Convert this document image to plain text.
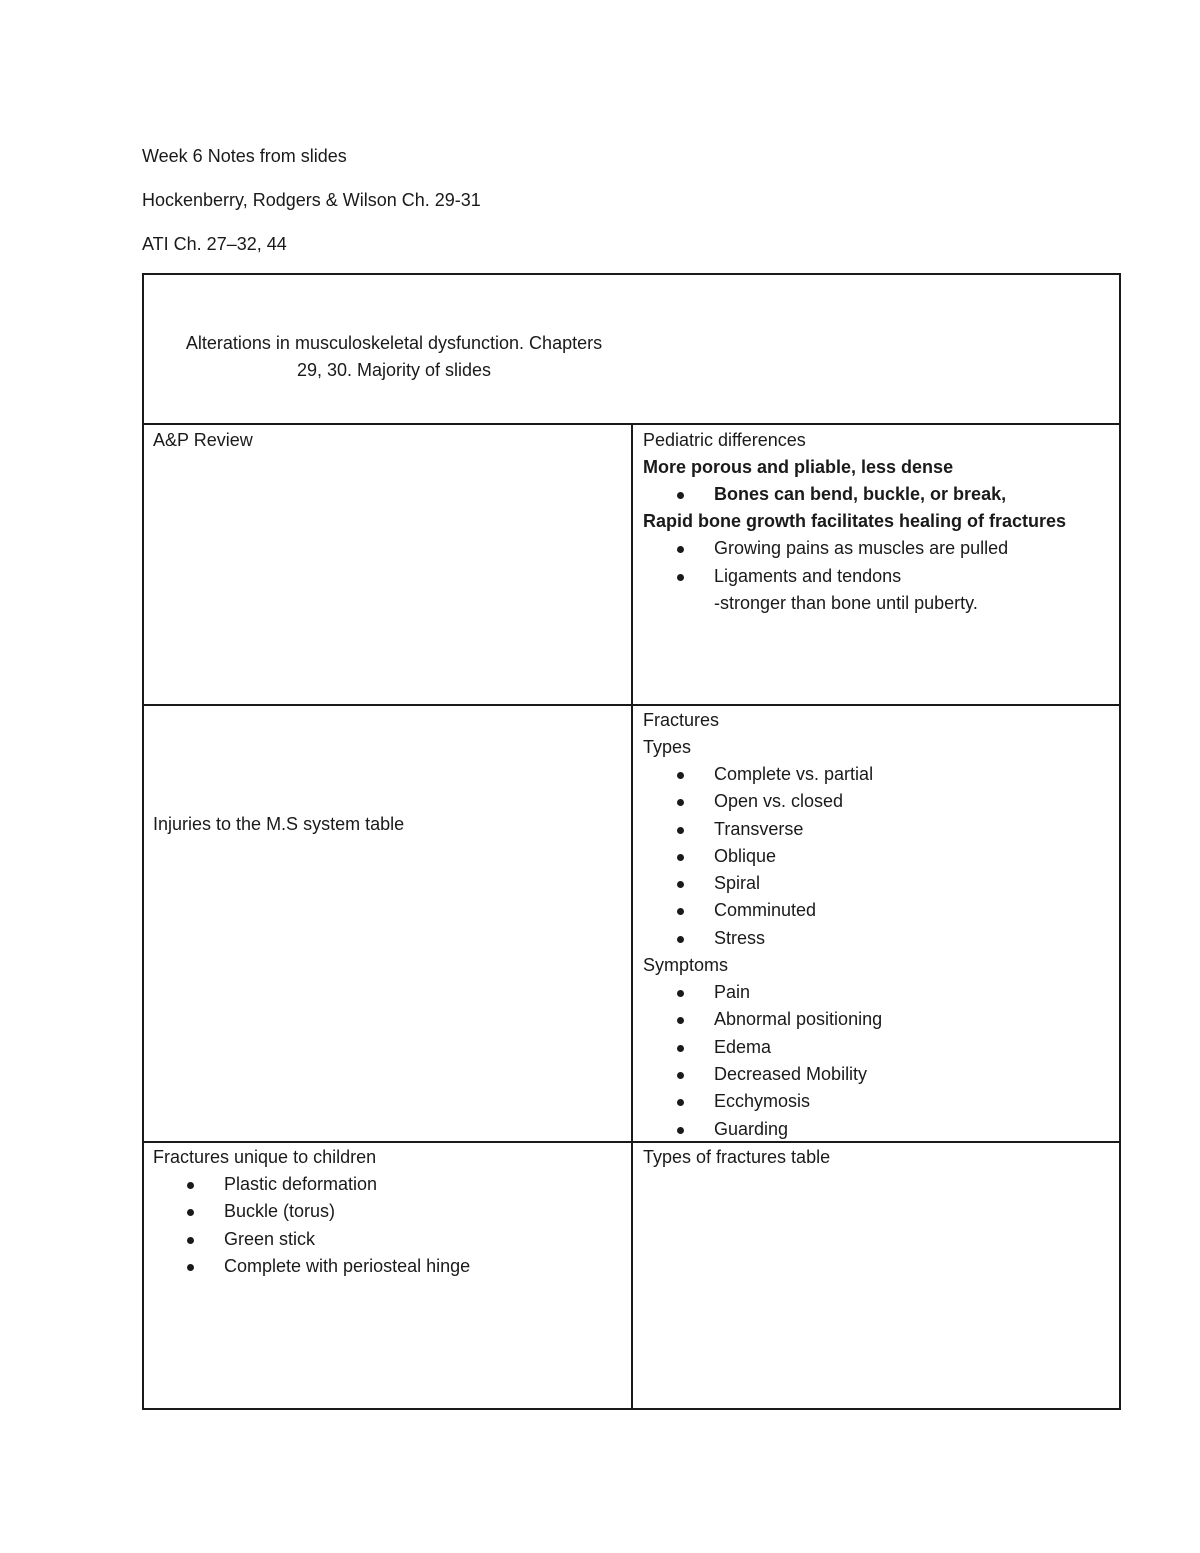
Week 6 Notes from slides
Hockenberry, Rodgers & Wilson Ch. 29-31
ATI Ch. 27–32, 44
Alterations in musculoskeletal dysfunction. Chapters
29, 30. Majority of slides
A&P Review	Pediatric differences
More porous and pliable, less dense
Bones can bend, buckle, or break,
Rapid bone growth facilitates healing of fractures
Growing pains as muscles are pulled
Ligaments and tendons
-stronger than bone until puberty.
Injuries to the M.S system table
Fractures
Types
Complete vs. partial
Open vs. closed
Transverse
Oblique
Spiral
Comminuted
Stress
Symptoms
Pain
Abnormal positioning
Edema
Decreased Mobility
Ecchymosis
Guarding
Fractures unique to children
Plastic deformation
Buckle (torus)
Green stick
Complete with periosteal hinge
Types of fractures table
